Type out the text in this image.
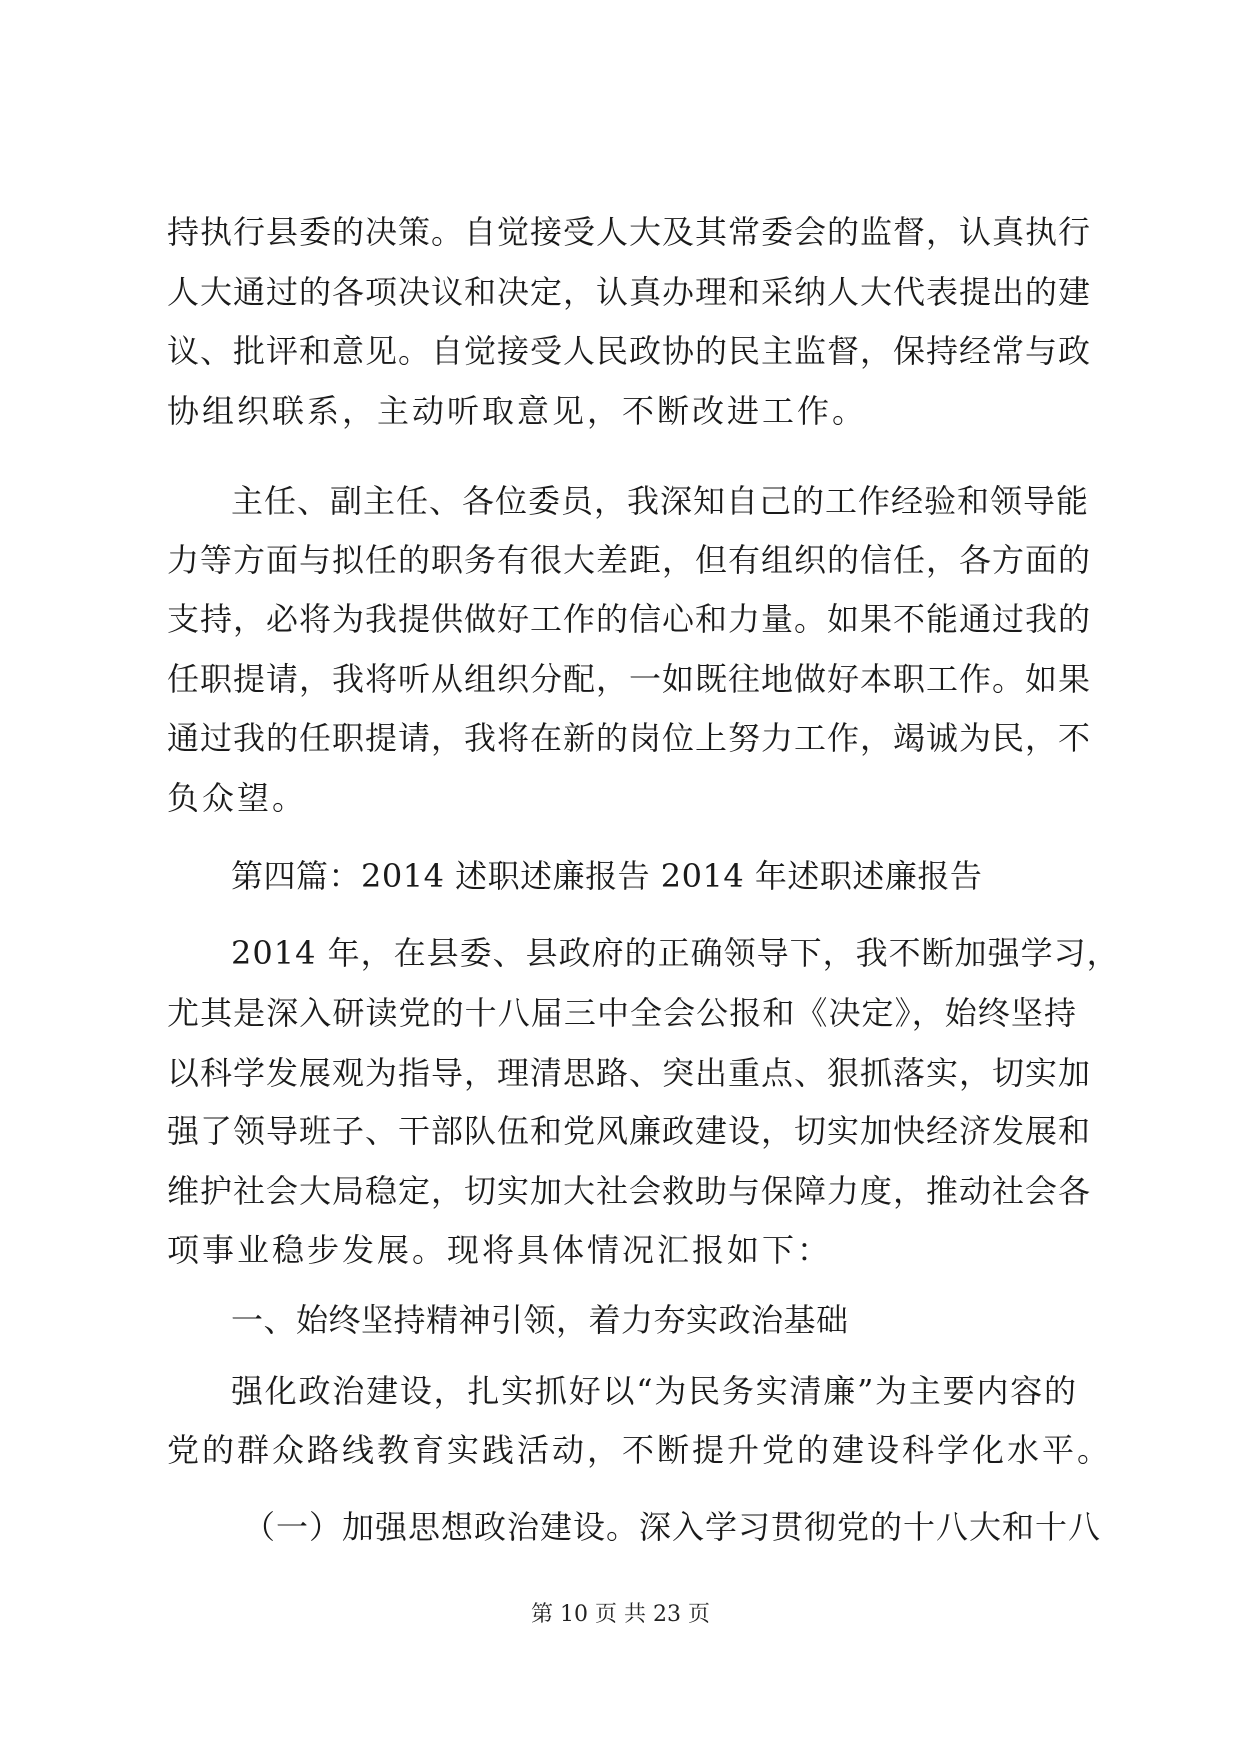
持执行县委的决策。自觉接受人大及其常委会的监督，认真执行
人大通过的各项决议和决定，认真办理和采纳人大代表提出的建
议、批评和意见。自觉接受人民政协的民主监督，保持经常与政
协组织联系，主动听取意见，不断改进工作。
主任、副主任、各位委员，我深知自己的工作经验和领导能
力等方面与拟任的职务有很大差距，但有组织的信任，各方面的
支持，必将为我提供做好工作的信心和力量。如果不能通过我的
任职提请，我将听从组织分配，一如既往地做好本职工作。如果
通过我的任职提请，我将在新的岗位上努力工作，竭诚为民，不
负众望。
第四篇：2014 述职述廉报告 2014 年述职述廉报告
2014 年，在县委、县政府的正确领导下，我不断加强学习，
尤其是深入研读党的十八届三中全会公报和《决定》，始终坚持
以科学发展观为指导，理清思路、突出重点、狠抓落实，切实加
强了领导班子、干部队伍和党风廉政建设，切实加快经济发展和
维护社会大局稳定，切实加大社会救助与保障力度，推动社会各
项事业稳步发展。现将具体情况汇报如下：
一、始终坚持精神引领，着力夯实政治基础
强化政治建设，扎实抓好以“为民务实清廉”为主要内容的
党的群众路线教育实践活动，不断提升党的建设科学化水平。
（一）加强思想政治建设。深入学习贯彻党的十八大和十八
第 10 页 共 23 页
